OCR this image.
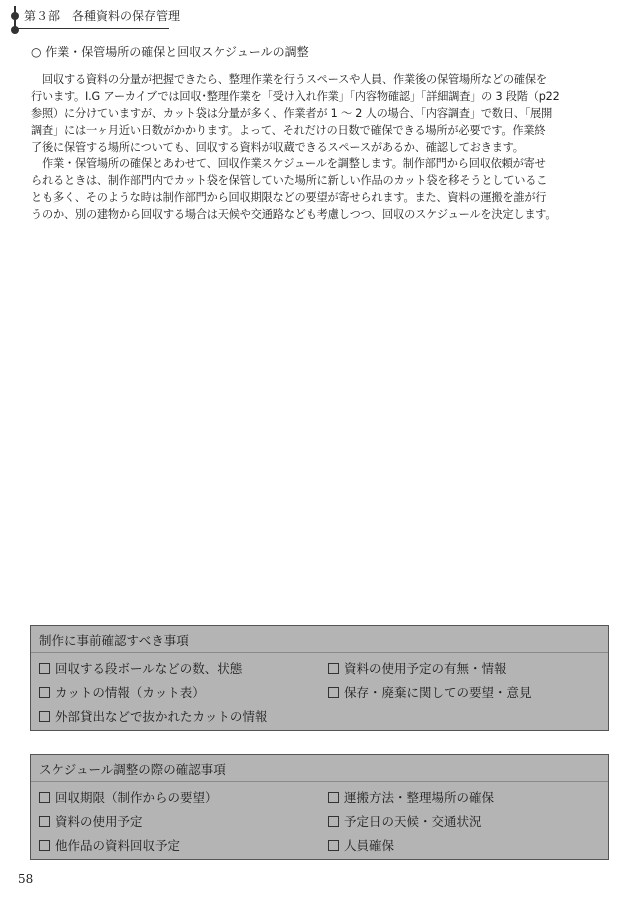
第３部　各種資料の保存管理
○ 作業・保管場所の確保と回収スケジュールの調整
　回収する資料の分量が把握できたら、整理作業を行うスペースや人員、作業後の保管場所などの確保を
行います。I.G アーカイブでは回収･整理作業を「受け入れ作業」「内容物確認」「詳細調査」の 3 段階（p22
参照）に分けていますが、カット袋は分量が多く、作業者が 1 ～ 2 人の場合、「内容調査」で数日、「展開
調査」には一ヶ月近い日数がかかります。よって、それだけの日数で確保できる場所が必要です。作業終
了後に保管する場所についても、回収する資料が収蔵できるスペースがあるか、確認しておきます。
　作業・保管場所の確保とあわせて、回収作業スケジュールを調整します。制作部門から回収依頼が寄せ
られるときは、制作部門内でカット袋を保管していた場所に新しい作品のカット袋を移そうとしているこ
とも多く、そのような時は制作部門から回収期限などの要望が寄せられます。また、資料の運搬を誰が行
うのか、別の建物から回収する場合は天候や交通路なども考慮しつつ、回収のスケジュールを決定します。
制作に事前確認すべき事項
回収する段ボールなどの数、状態	資料の使用予定の有無・情報
カットの情報（カット表）	保存・廃棄に関しての要望・意見
外部貸出などで抜かれたカットの情報
スケジュール調整の際の確認事項
回収期限（制作からの要望）	運搬方法・整理場所の確保
資料の使用予定	予定日の天候・交通状況
他作品の資料回収予定	人員確保
58
